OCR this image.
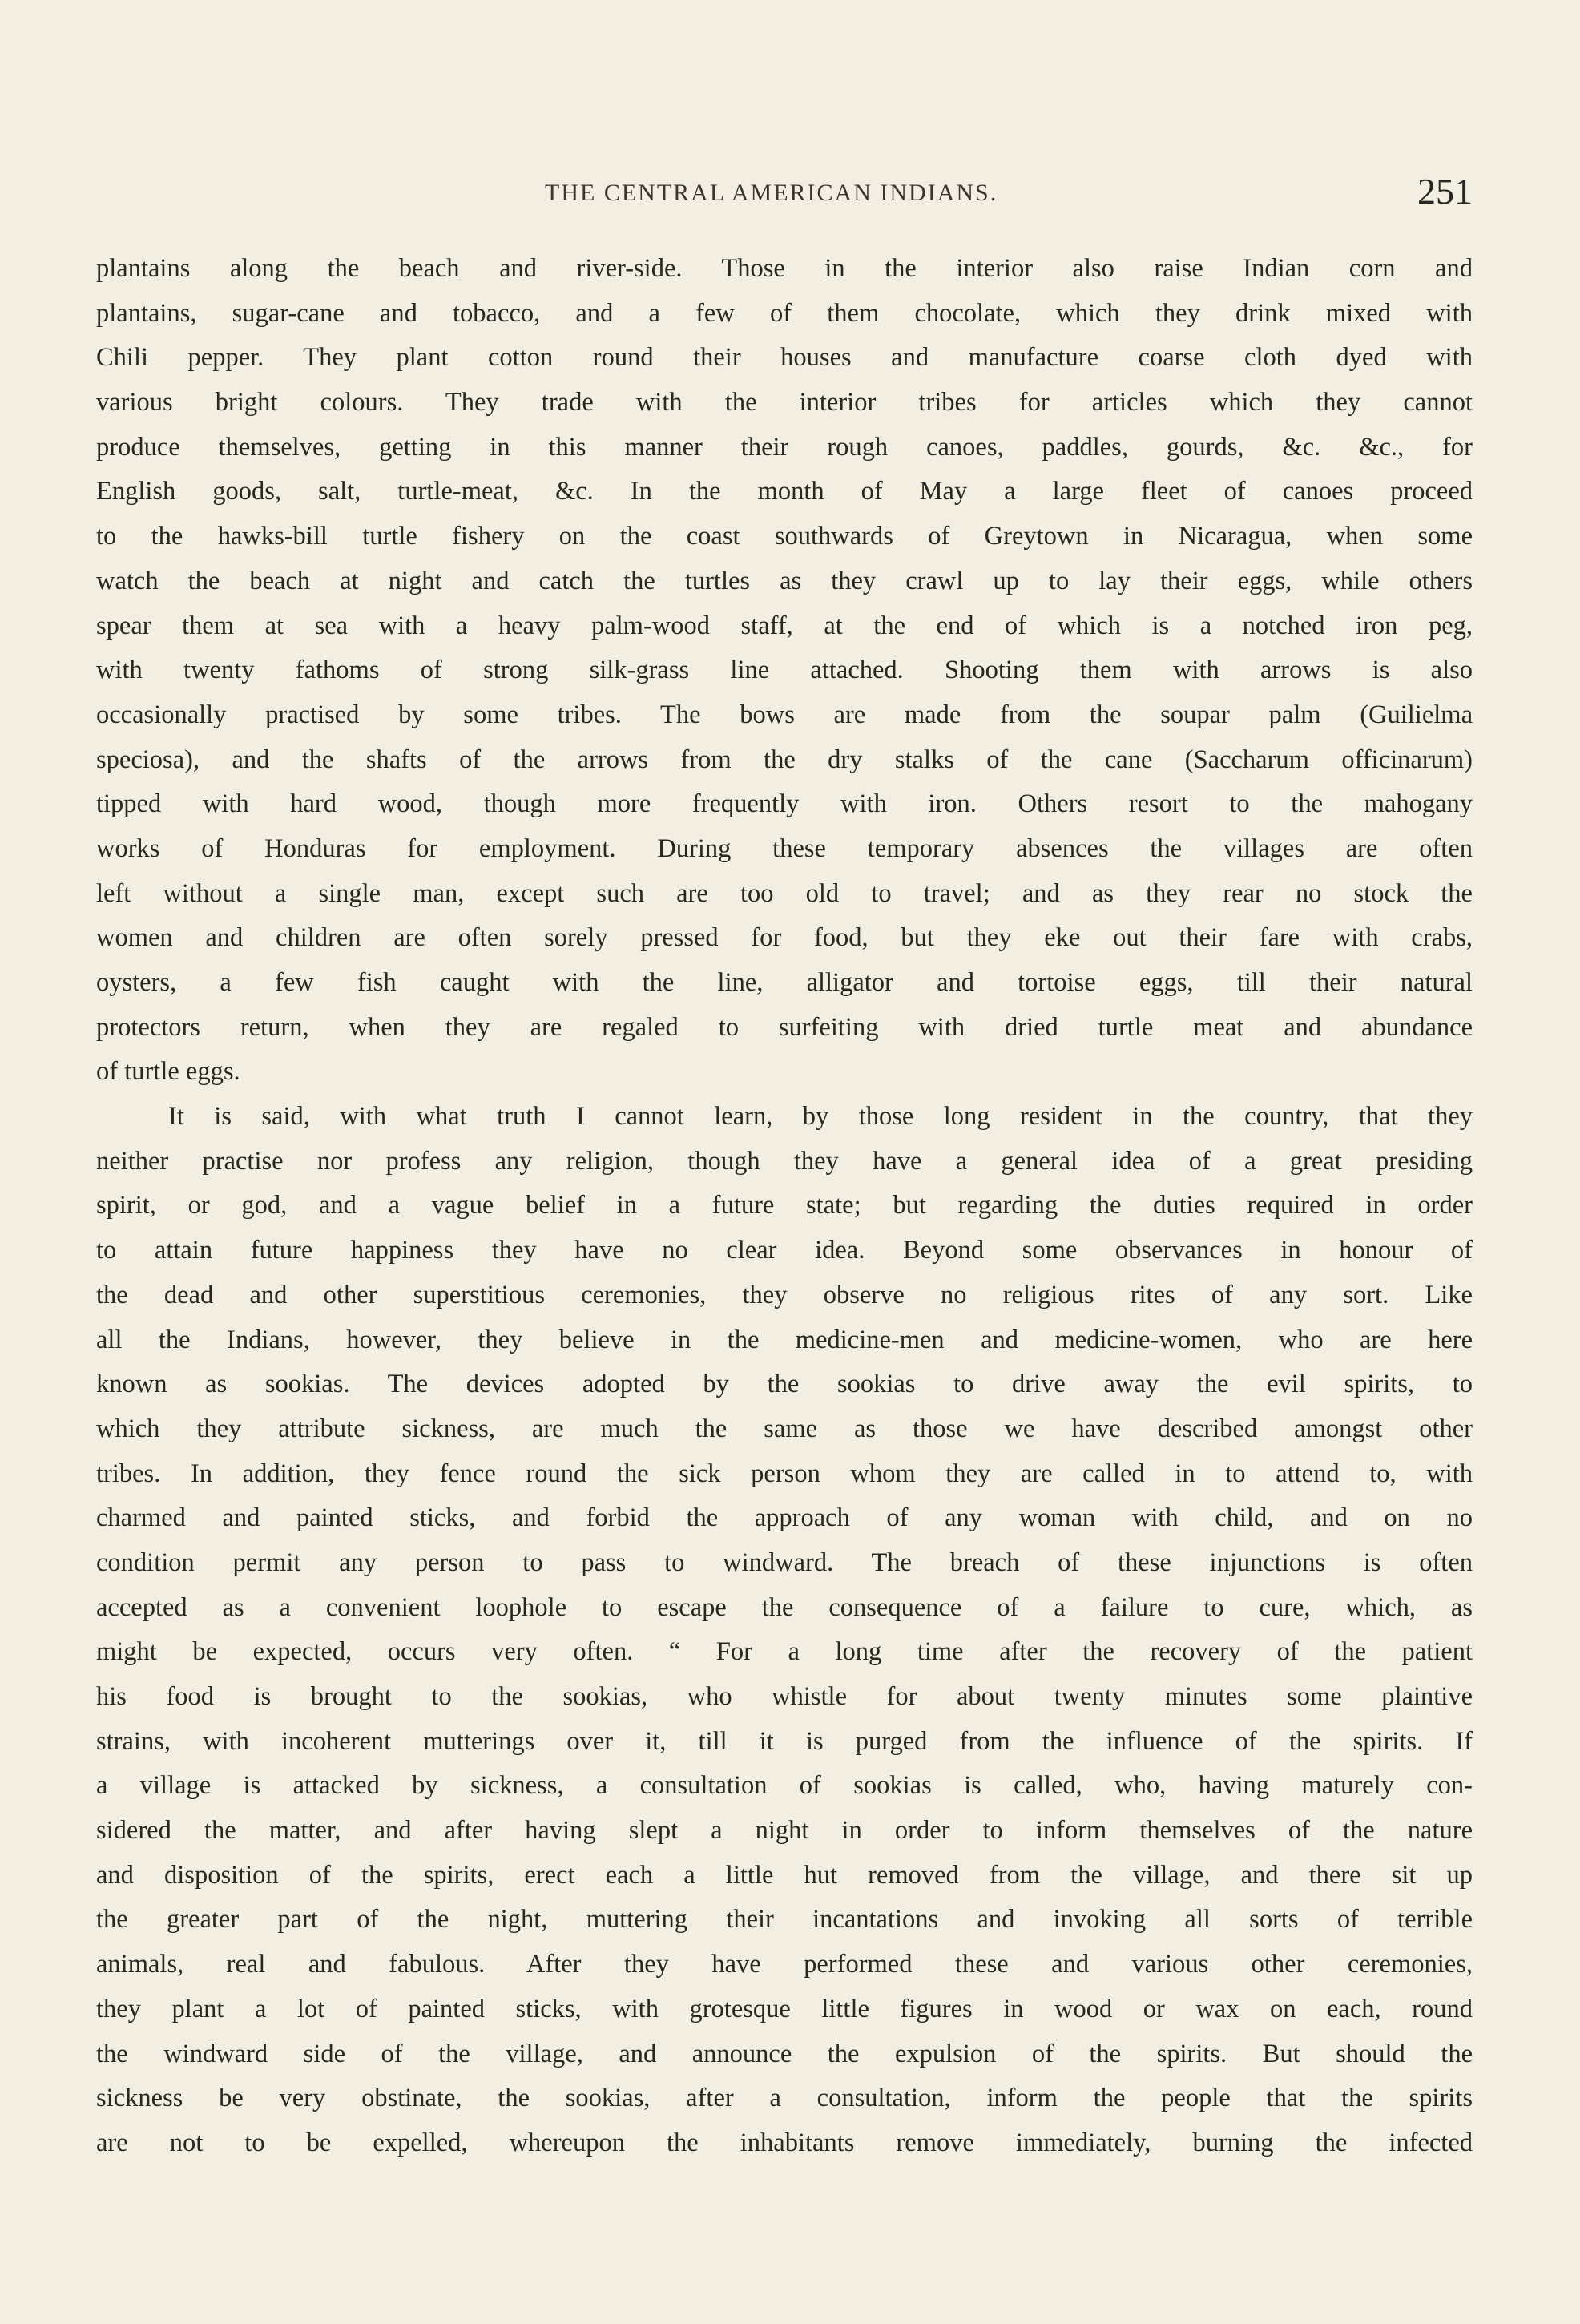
THE CENTRAL AMERICAN INDIANS.	251
plantains along the beach and river-side. Those in the interior also raise Indian corn and
plantains, sugar-cane and tobacco, and a few of them chocolate, which they drink mixed with
Chili pepper. They plant cotton round their houses and manufacture coarse cloth dyed with
various bright colours. They trade with the interior tribes for articles which they cannot
produce themselves, getting in this manner their rough canoes, paddles, gourds, &c. &c., for
English goods, salt, turtle-meat, &c. In the month of May a large fleet of canoes proceed
to the hawks-bill turtle fishery on the coast southwards of Greytown in Nicaragua, when some
watch the beach at night and catch the turtles as they crawl up to lay their eggs, while others
spear them at sea with a heavy palm-wood staff, at the end of which is a notched iron peg,
with twenty fathoms of strong silk-grass line attached. Shooting them with arrows is also
occasionally practised by some tribes. The bows are made from the soupar palm (Guilielma
speciosa), and the shafts of the arrows from the dry stalks of the cane (Saccharum officinarum)
tipped with hard wood, though more frequently with iron. Others resort to the mahogany
works of Honduras for employment. During these temporary absences the villages are often
left without a single man, except such are too old to travel; and as they rear no stock the
women and children are often sorely pressed for food, but they eke out their fare with crabs,
oysters, a few fish caught with the line, alligator and tortoise eggs, till their natural
protectors return, when they are regaled to surfeiting with dried turtle meat and abundance
of turtle eggs.
It is said, with what truth I cannot learn, by those long resident in the country, that they
neither practise nor profess any religion, though they have a general idea of a great presiding
spirit, or god, and a vague belief in a future state; but regarding the duties required in order
to attain future happiness they have no clear idea. Beyond some observances in honour of
the dead and other superstitious ceremonies, they observe no religious rites of any sort. Like
all the Indians, however, they believe in the medicine-men and medicine-women, who are here
known as sookias. The devices adopted by the sookias to drive away the evil spirits, to
which they attribute sickness, are much the same as those we have described amongst other
tribes. In addition, they fence round the sick person whom they are called in to attend to, with
charmed and painted sticks, and forbid the approach of any woman with child, and on no
condition permit any person to pass to windward. The breach of these injunctions is often
accepted as a convenient loophole to escape the consequence of a failure to cure, which, as
might be expected, occurs very often. “ For a long time after the recovery of the patient
his food is brought to the sookias, who whistle for about twenty minutes some plaintive
strains, with incoherent mutterings over it, till it is purged from the influence of the spirits. If
a village is attacked by sickness, a consultation of sookias is called, who, having maturely con-
sidered the matter, and after having slept a night in order to inform themselves of the nature
and disposition of the spirits, erect each a little hut removed from the village, and there sit up
the greater part of the night, muttering their incantations and invoking all sorts of terrible
animals, real and fabulous. After they have performed these and various other ceremonies,
they plant a lot of painted sticks, with grotesque little figures in wood or wax on each, round
the windward side of the village, and announce the expulsion of the spirits. But should the
sickness be very obstinate, the sookias, after a consultation, inform the people that the spirits
are not to be expelled, whereupon the inhabitants remove immediately, burning the infected
